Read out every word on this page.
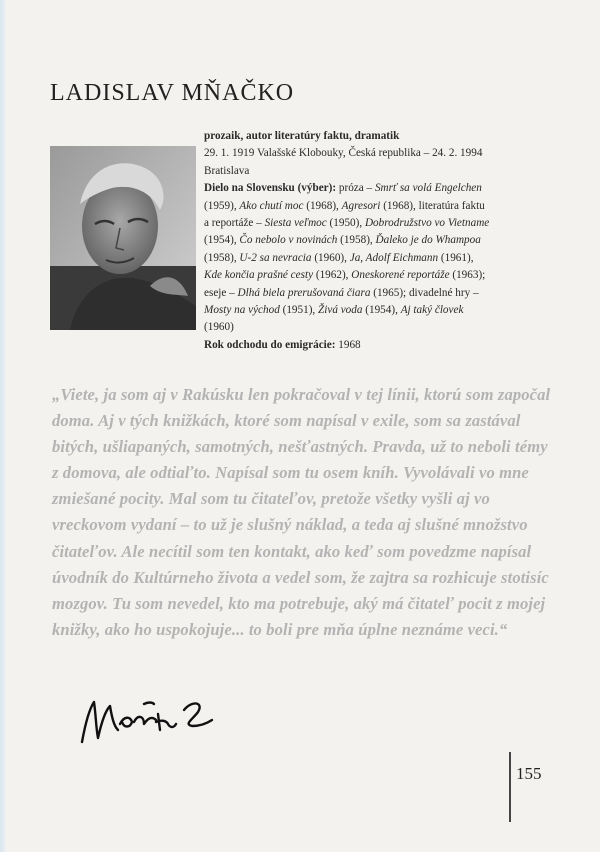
LADISLAV MŇAČKO

prozaik, autor literatúry faktu, dramatik

29. 1. 1919 Valašské Klobouky, Česká republika – 24. 2. 1994 Bratislava

Dielo na Slovensku (výber): próza – Smrť sa volá Engelchen (1959), Ako chutí moc (1968), Agresori (1968), literatúra faktu a reportáže – Siesta veľmoc (1950), Dobrodružstvo vo Vietname (1954), Čo nebolo v novinách (1958), Ďaleko je do Whampoa (1958), U-2 sa nevracia (1960), Ja, Adolf Eichmann (1961), Kde končia prašné cesty (1962), Oneskorené reportáže (1963); eseje – Dlhá biela prerušovaná čiara (1965); divadelné hry – Mosty na východ (1951), Živá voda (1954), Aj taký človek (1960)

Rok odchodu do emigrácie: 1968

„Viete, ja som aj v Rakúsku len pokračoval v tej línii, ktorú som započal doma. Aj v tých knižkách, ktoré som napísal v exile, som sa zastával bitých, ušliapaných, samotných, nešťastných. Pravda, už to neboli témy z domova, ale odtiaľto. Napísal som tu osem kníh. Vyvolávali vo mne zmiešané pocity. Mal som tu čitateľov, pretože všetky vyšli aj vo vreckovom vydaní – to už je slušný náklad, a teda aj slušné množstvo čitateľov. Ale necítil som ten kontakt, ako keď som povedzme napísal úvodník do Kultúrneho života a vedel som, že zajtra sa rozhicuje stotisíc mozgov. Tu som nevedel, kto ma potrebuje, aký má čitateľ pocit z mojej knižky, ako ho uspokojuje... to boli pre mňa úplne neznáme veci.“

155
